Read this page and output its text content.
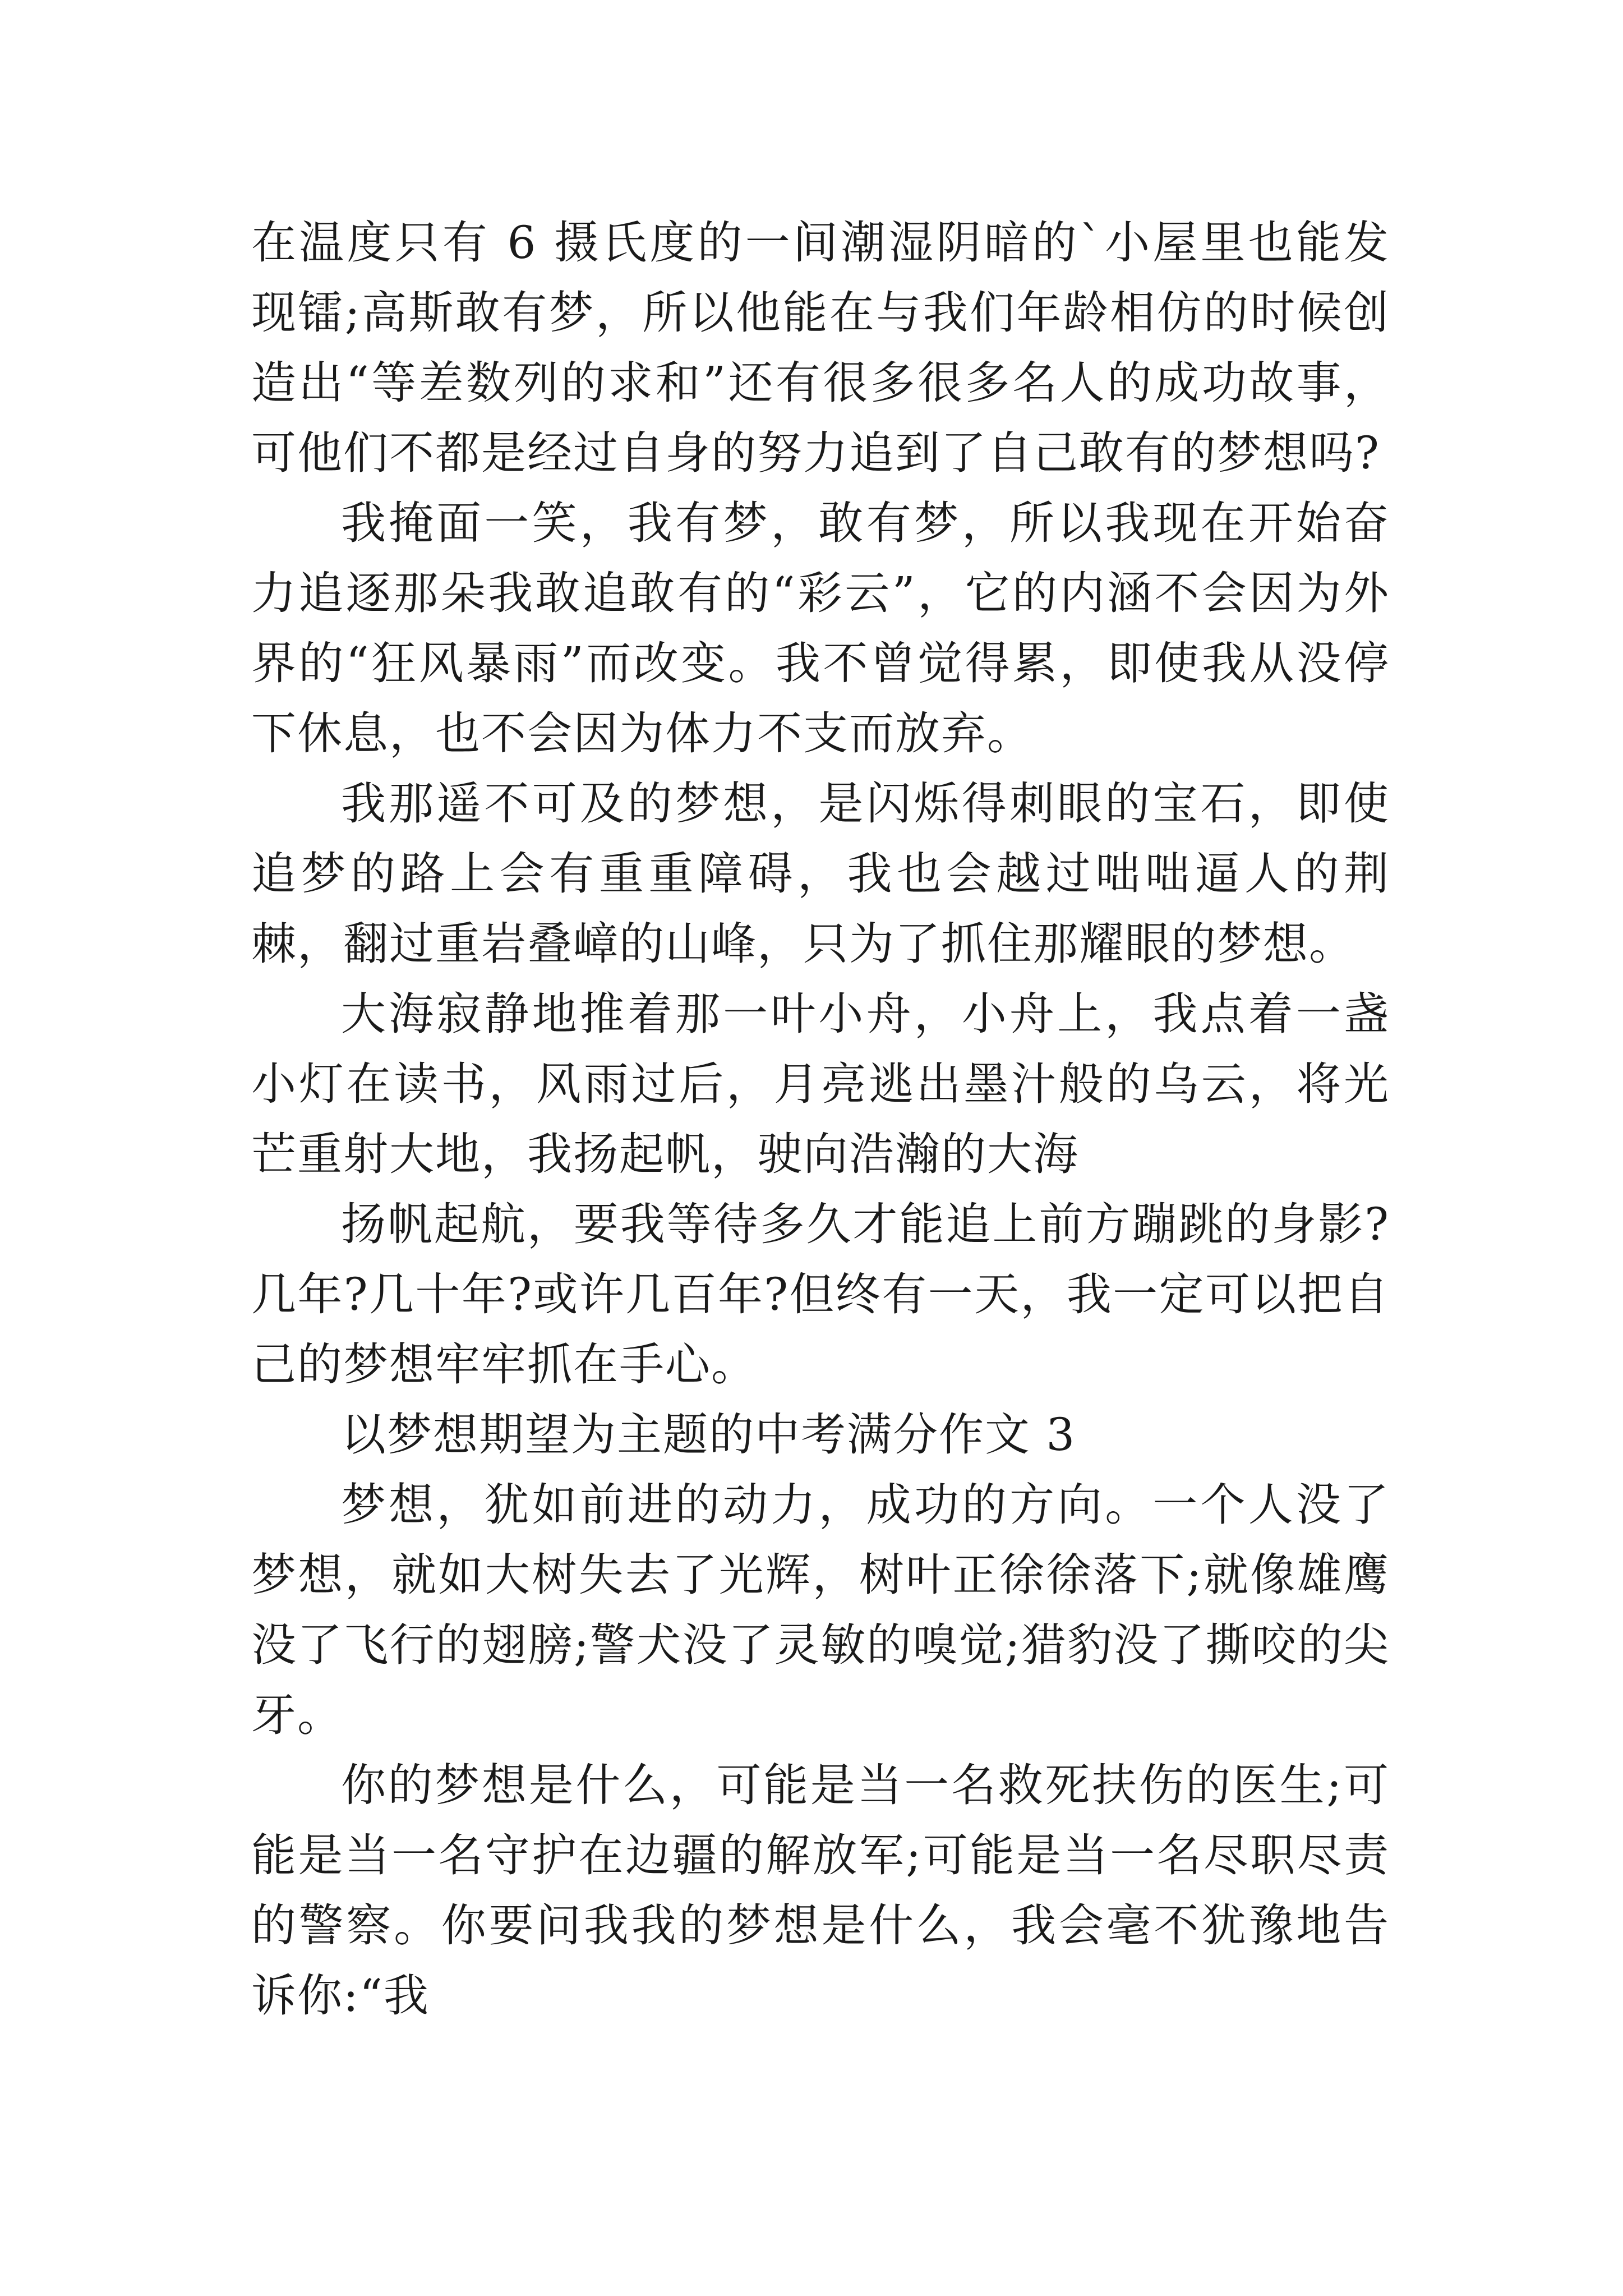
在温度只有 6 摄氏度的一间潮湿阴暗的`小屋里也能发现镭;高斯敢有梦，所以他能在与我们年龄相仿的时候创造出“等差数列的求和”还有很多很多名人的成功故事，可他们不都是经过自身的努力追到了自己敢有的梦想吗?

我掩面一笑，我有梦，敢有梦，所以我现在开始奋力追逐那朵我敢追敢有的“彩云”，它的内涵不会因为外界的“狂风暴雨”而改变。我不曾觉得累，即使我从没停下休息，也不会因为体力不支而放弃。

我那遥不可及的梦想，是闪烁得刺眼的宝石，即使追梦的路上会有重重障碍，我也会越过咄咄逼人的荆棘，翻过重岩叠嶂的山峰，只为了抓住那耀眼的梦想。

大海寂静地推着那一叶小舟，小舟上，我点着一盏小灯在读书，风雨过后，月亮逃出墨汁般的乌云，将光芒重射大地，我扬起帆，驶向浩瀚的大海

扬帆起航，要我等待多久才能追上前方蹦跳的身影?几年?几十年?或许几百年?但终有一天，我一定可以把自己的梦想牢牢抓在手心。

以梦想期望为主题的中考满分作文 3

梦想，犹如前进的动力，成功的方向。一个人没了梦想，就如大树失去了光辉，树叶正徐徐落下;就像雄鹰没了飞行的翅膀;警犬没了灵敏的嗅觉;猎豹没了撕咬的尖牙。

你的梦想是什么，可能是当一名救死扶伤的医生;可能是当一名守护在边疆的解放军;可能是当一名尽职尽责的警察。你要问我我的梦想是什么，我会毫不犹豫地告诉你:“我
